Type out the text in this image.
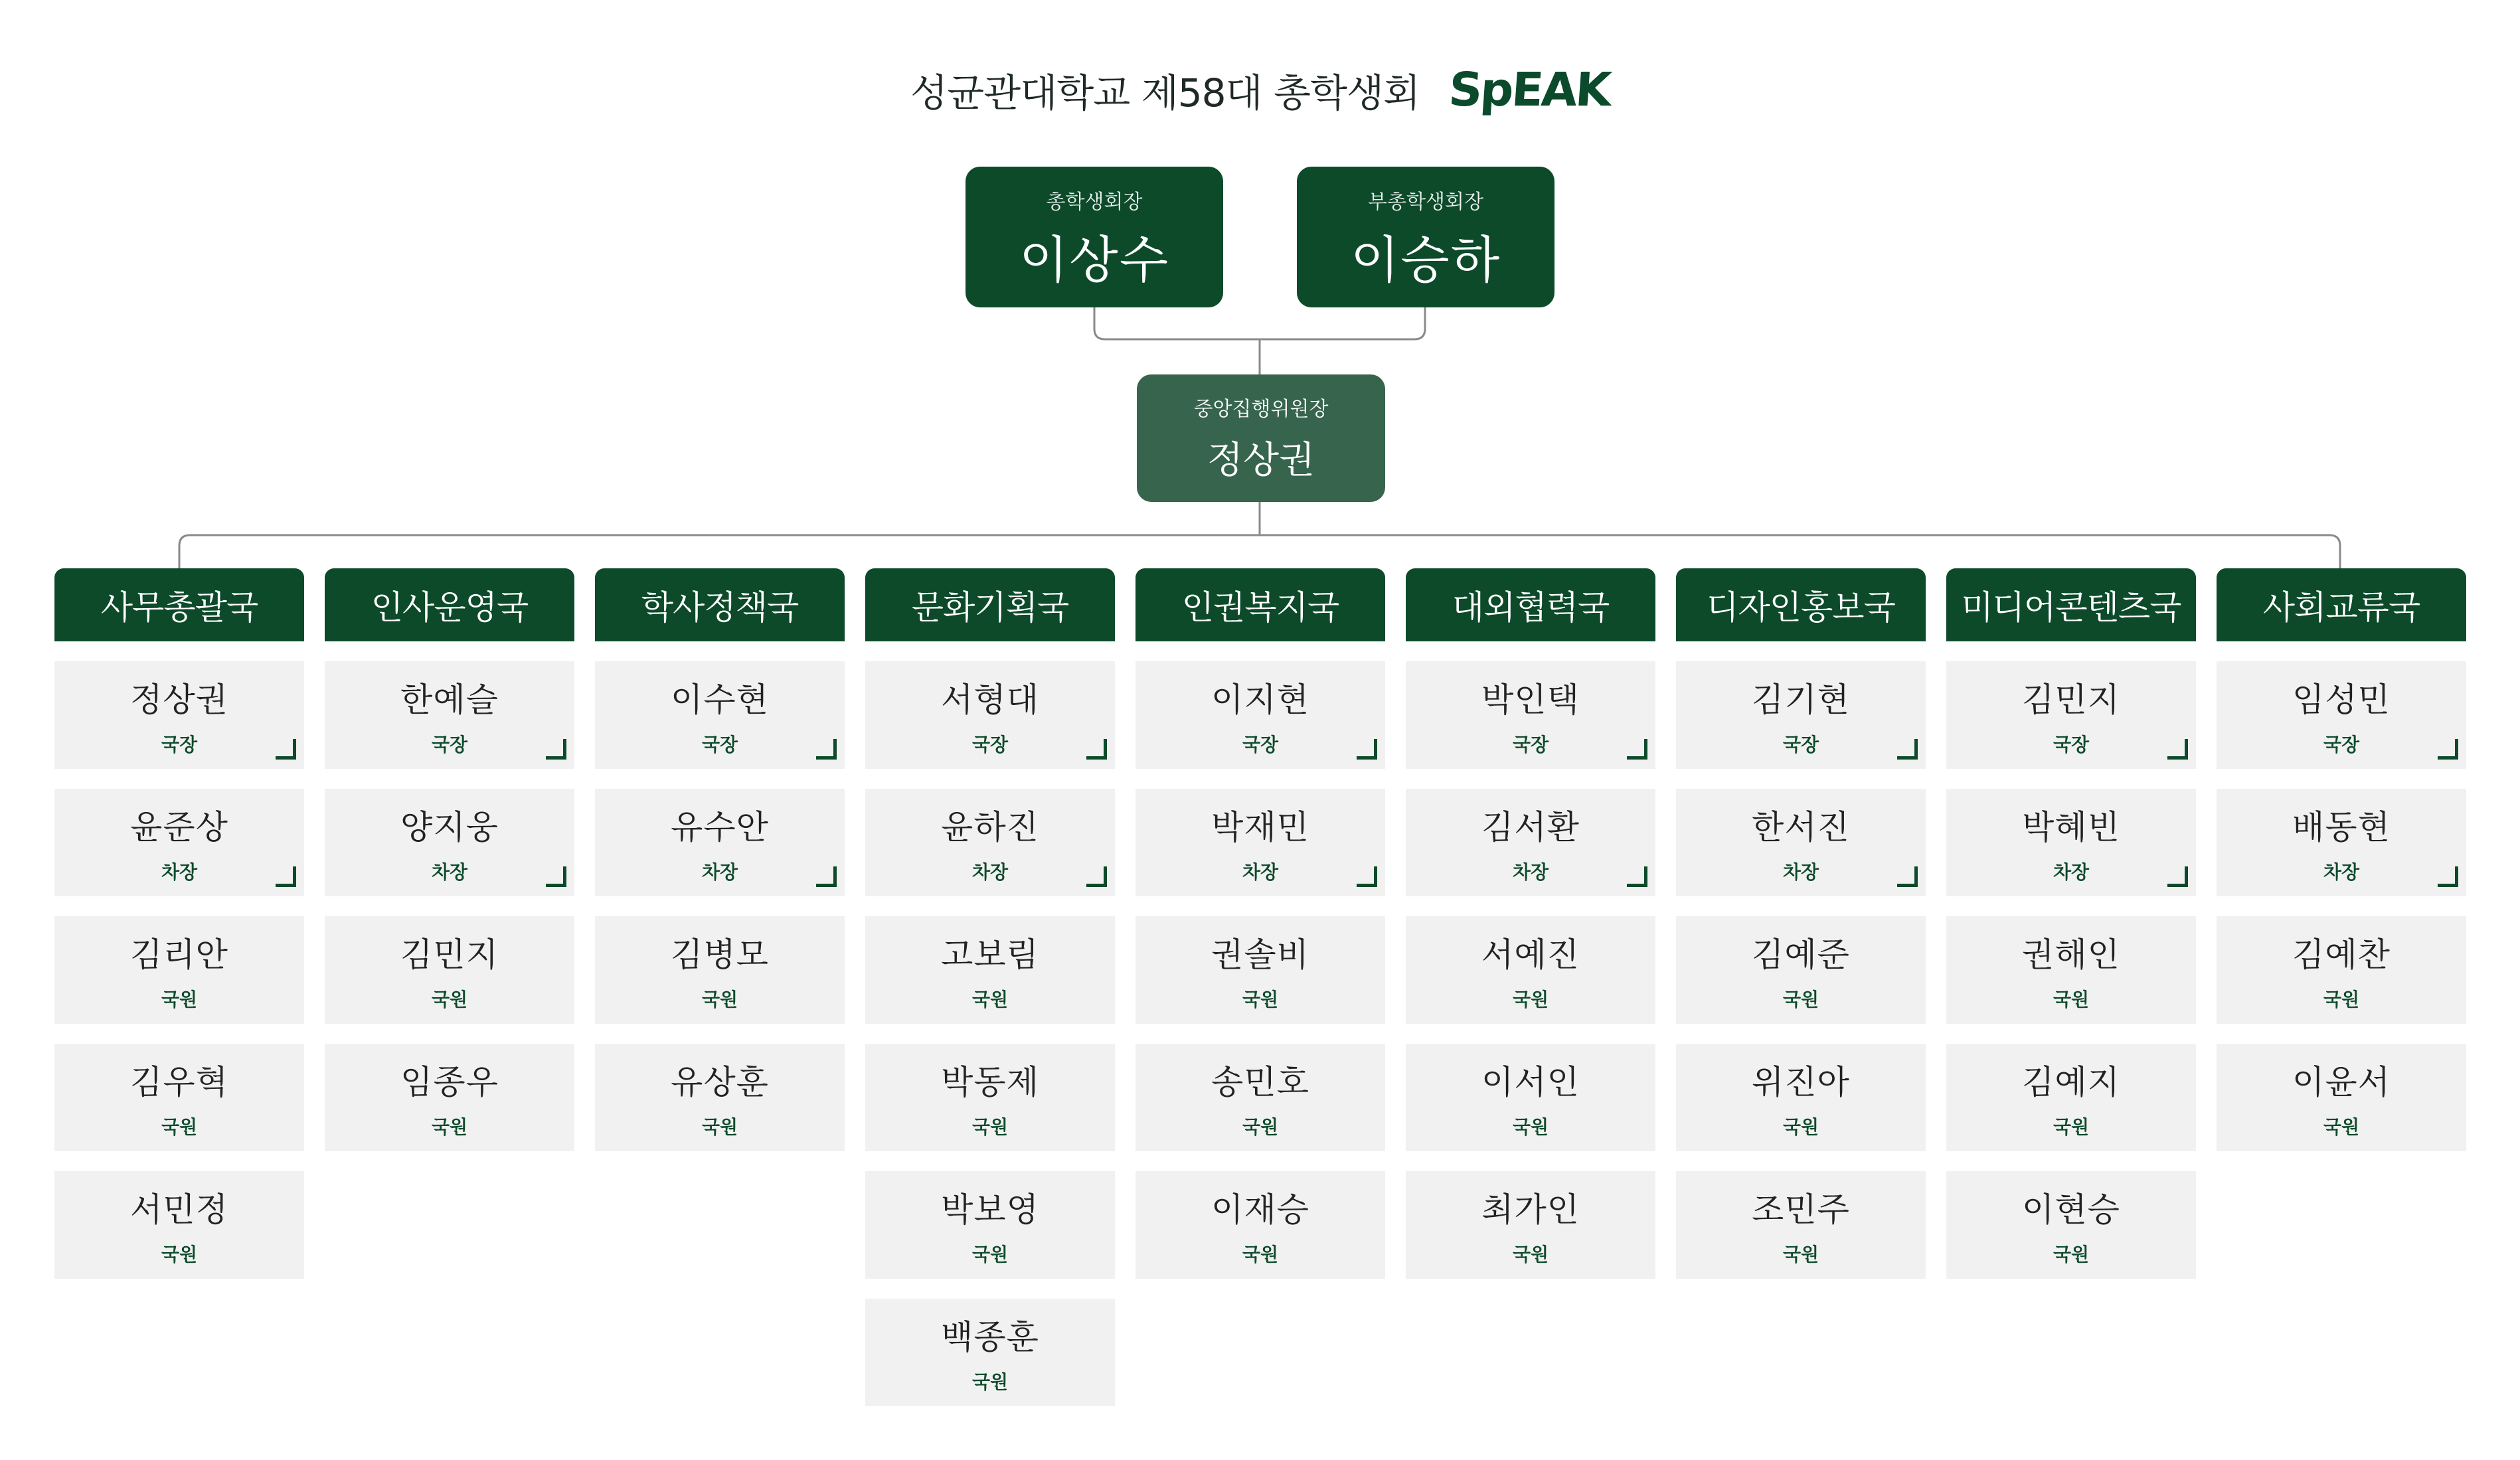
성균관대학교 제58대 총학생회 SpEAK
총학생회장
이상수
부총학생회장
이승하
중앙집행위원장
정상권
사무총괄국
정상권
국장
윤준상
차장
김리안
국원
김우혁
국원
서민정
국원
인사운영국
한예슬
국장
양지웅
차장
김민지
국원
임종우
국원
학사정책국
이수현
국장
유수안
차장
김병모
국원
유상훈
국원
문화기획국
서형대
국장
윤하진
차장
고보림
국원
박동제
국원
박보영
국원
백종훈
국원
인권복지국
이지현
국장
박재민
차장
권솔비
국원
송민호
국원
이재승
국원
대외협력국
박인택
국장
김서환
차장
서예진
국원
이서인
국원
최가인
국원
디자인홍보국
김기현
국장
한서진
차장
김예준
국원
위진아
국원
조민주
국원
미디어콘텐츠국
김민지
국장
박혜빈
차장
권해인
국원
김예지
국원
이현승
국원
사회교류국
임성민
국장
배동현
차장
김예찬
국원
이윤서
국원
